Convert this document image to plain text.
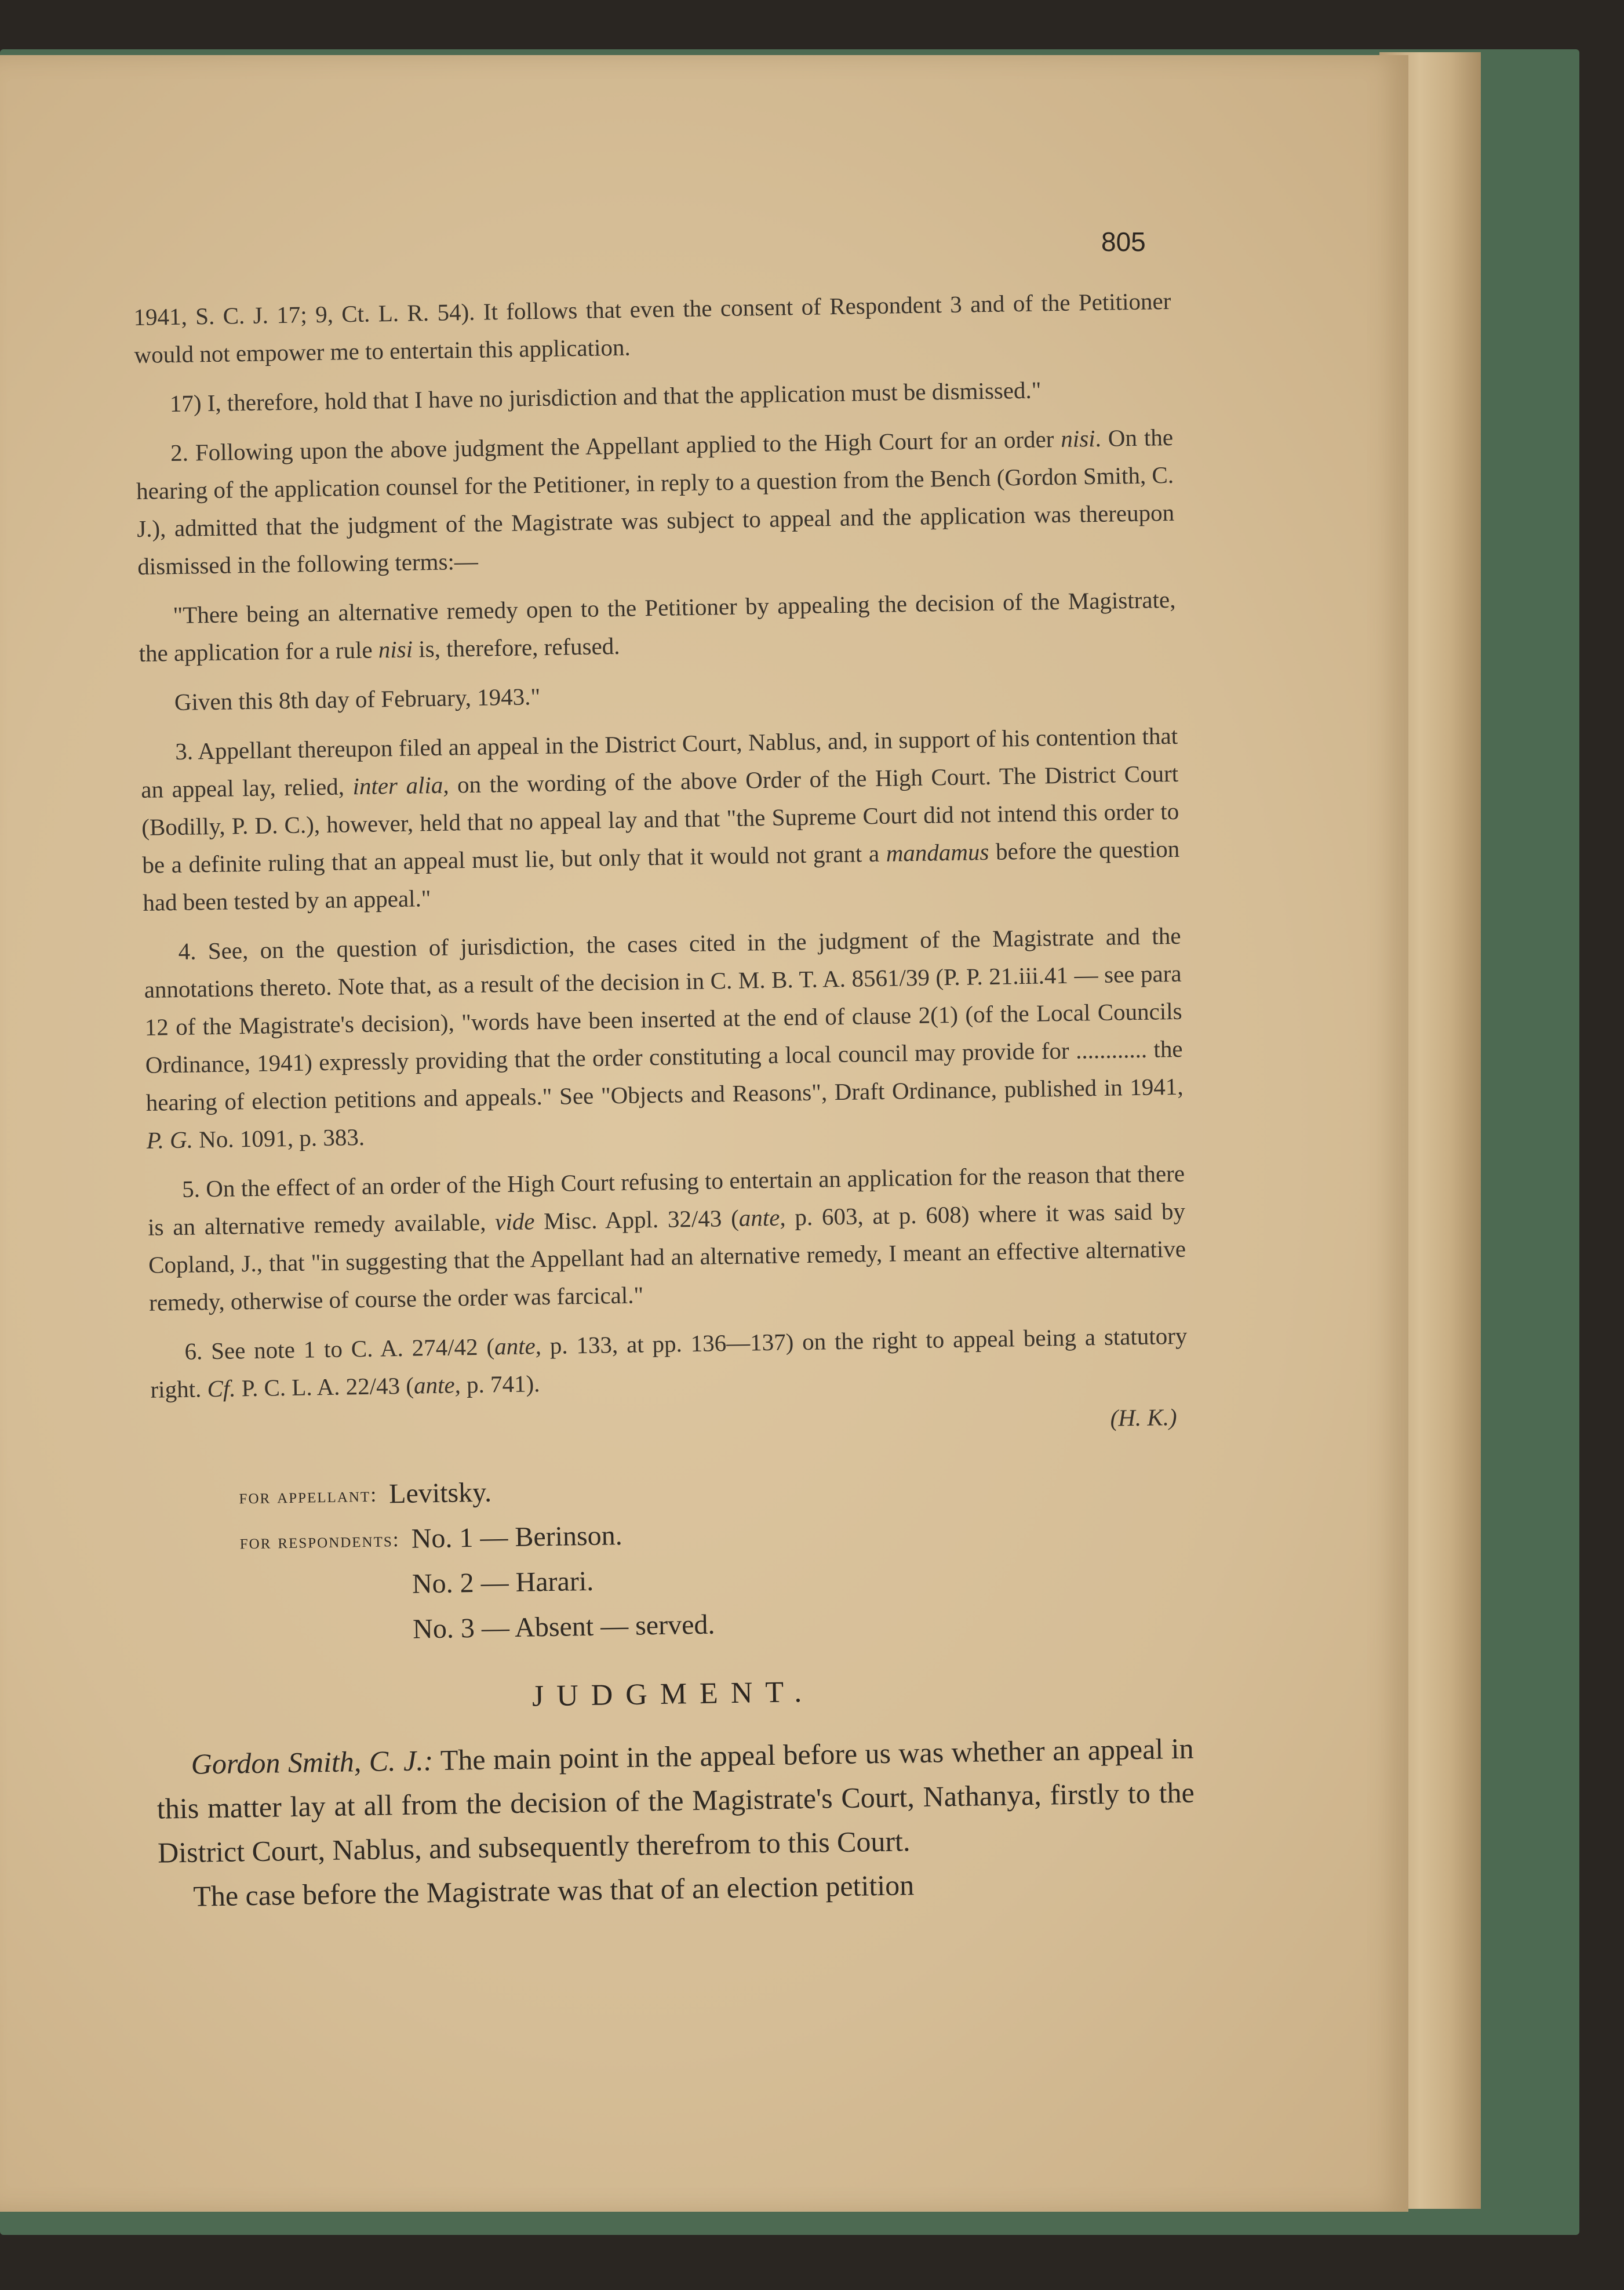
805

1941, S. C. J. 17; 9, Ct. L. R. 54). It follows that even the consent of Respondent 3 and of the Petitioner would not empower me to entertain this application.

17) I, therefore, hold that I have no jurisdiction and that the application must be dismissed."

2. Following upon the above judgment the Appellant applied to the High Court for an order nisi. On the hearing of the application counsel for the Petitioner, in reply to a question from the Bench (Gordon Smith, C. J.), admitted that the judgment of the Magistrate was subject to appeal and the application was thereupon dismissed in the following terms:—

"There being an alternative remedy open to the Petitioner by appealing the decision of the Magistrate, the application for a rule nisi is, therefore, refused.

Given this 8th day of February, 1943."

3. Appellant thereupon filed an appeal in the District Court, Nablus, and, in support of his contention that an appeal lay, relied, inter alia, on the wording of the above Order of the High Court. The District Court (Bodilly, P. D. C.), however, held that no appeal lay and that "the Supreme Court did not intend this order to be a definite ruling that an appeal must lie, but only that it would not grant a mandamus before the question had been tested by an appeal."

4. See, on the question of jurisdiction, the cases cited in the judgment of the Magistrate and the annotations thereto. Note that, as a result of the decision in C. M. B. T. A. 8561/39 (P. P. 21.iii.41 — see para 12 of the Magistrate's decision), "words have been inserted at the end of clause 2(1) (of the Local Councils Ordinance, 1941) expressly providing that the order constituting a local council may provide for ............ the hearing of election petitions and appeals." See "Objects and Reasons", Draft Ordinance, published in 1941, P. G. No. 1091, p. 383.

5. On the effect of an order of the High Court refusing to entertain an application for the reason that there is an alternative remedy available, vide Misc. Appl. 32/43 (ante, p. 603, at p. 608) where it was said by Copland, J., that "in suggesting that the Appellant had an alternative remedy, I meant an effective alternative remedy, otherwise of course the order was farcical."

6. See note 1 to C. A. 274/42 (ante, p. 133, at pp. 136—137) on the right to appeal being a statutory right. Cf. P. C. L. A. 22/43 (ante, p. 741).

(H. K.)

for appellant: Levitsky.
for respondents: No. 1 — Berinson.
No. 2 — Harari.
No. 3 — Absent — served.
JUDGMENT.

Gordon Smith, C. J.: The main point in the appeal before us was whether an appeal in this matter lay at all from the decision of the Magistrate's Court, Nathanya, firstly to the District Court, Nablus, and subsequently therefrom to this Court.

The case before the Magistrate was that of an election petition
